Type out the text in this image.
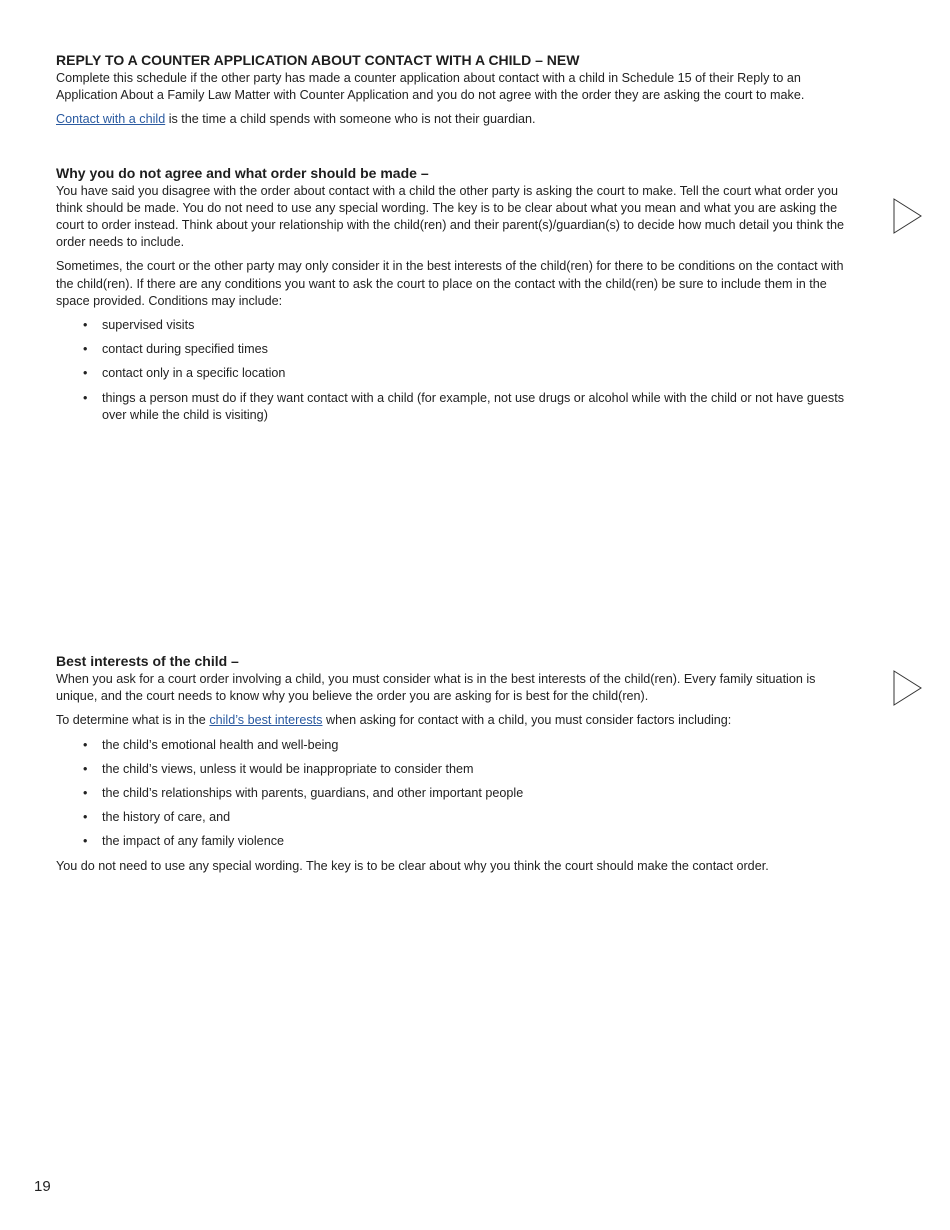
REPLY TO A COUNTER APPLICATION ABOUT CONTACT WITH A CHILD – NEW

Complete this schedule if the other party has made a counter application about contact with a child in Schedule 15 of their Reply to an Application About a Family Law Matter with Counter Application and you do not agree with the order they are asking the court to make.

Contact with a child is the time a child spends with someone who is not their guardian.

Why you do not agree and what order should be made –

You have said you disagree with the order about contact with a child the other party is asking the court to make. Tell the court what order you think should be made. You do not need to use any special wording. The key is to be clear about what you mean and what you are asking the court to order instead. Think about your relationship with the child(ren) and their parent(s)/guardian(s) to decide how much detail you think the order needs to include.

Sometimes, the court or the other party may only consider it in the best interests of the child(ren) for there to be conditions on the contact with the child(ren). If there are any conditions you want to ask the court to place on the contact with the child(ren) be sure to include them in the space provided. Conditions may include:

• supervised visits
• contact during specified times
• contact only in a specific location
• things a person must do if they want contact with a child (for example, not use drugs or alcohol while with the child or not have guests over while the child is visiting)
Best interests of the child –

When you ask for a court order involving a child, you must consider what is in the best interests of the child(ren). Every family situation is unique, and the court needs to know why you believe the order you are asking for is best for the child(ren).

To determine what is in the child’s best interests when asking for contact with a child, you must consider factors including:

• the child’s emotional health and well-being
• the child’s views, unless it would be inappropriate to consider them
• the child’s relationships with parents, guardians, and other important people
• the history of care, and
• the impact of any family violence

You do not need to use any special wording. The key is to be clear about why you think the court should make the contact order.

19
